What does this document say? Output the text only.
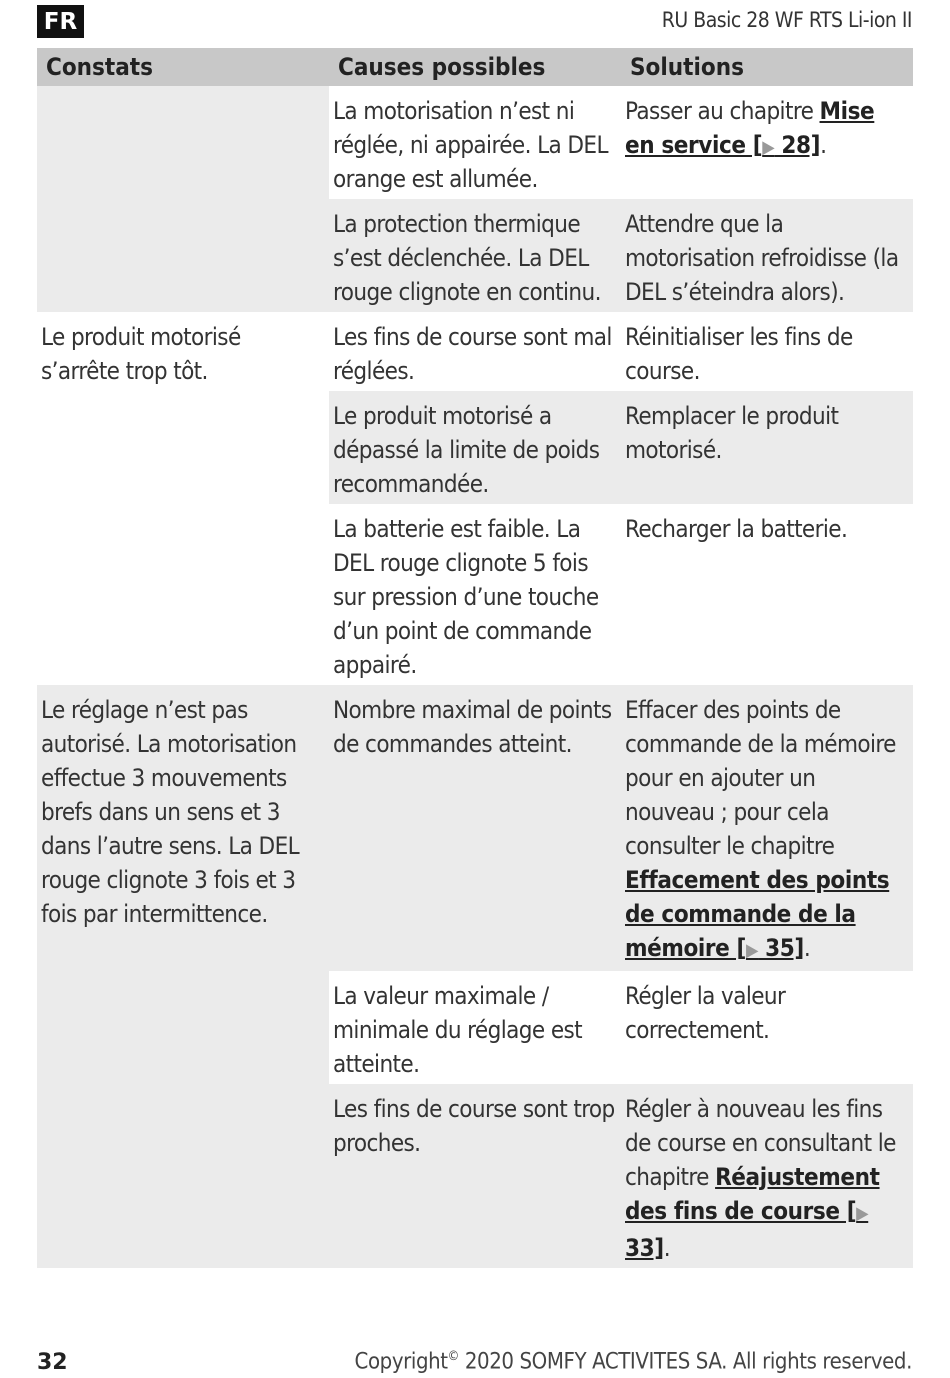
FR	RU Basic 28 WF RTS Li-ion II
Constats	Causes possibles	Solutions
	La motorisation n’est ni réglée, ni appairée. La DEL orange est allumée.	Passer au chapitre Mise en service [▶ 28].
	La protection thermique s’est déclenchée. La DEL rouge clignote en continu.	Attendre que la motorisation refroidisse (la DEL s’éteindra alors).
Le produit motorisé s’arrête trop tôt.	Les fins de course sont mal réglées.	Réinitialiser les fins de course.
	Le produit motorisé a dépassé la limite de poids recommandée.	Remplacer le produit motorisé.
	La batterie est faible. La DEL rouge clignote 5 fois sur pression d’une touche d’un point de commande appairé.	Recharger la batterie.
Le réglage n’est pas autorisé. La motorisation effectue 3 mouvements brefs dans un sens et 3 dans l’autre sens. La DEL rouge clignote 3 fois et 3 fois par intermittence.	Nombre maximal de points de commandes atteint.	Effacer des points de commande de la mémoire pour en ajouter un nouveau ; pour cela consulter le chapitre Effacement des points de commande de la mémoire [▶ 35].
	La valeur maximale / minimale du réglage est atteinte.	Régler la valeur correctement.
	Les fins de course sont trop proches.	Régler à nouveau les fins de course en consultant le chapitre Réajustement des fins de course [▶ 33].
32	Copyright© 2020 SOMFY ACTIVITES SA. All rights reserved.
